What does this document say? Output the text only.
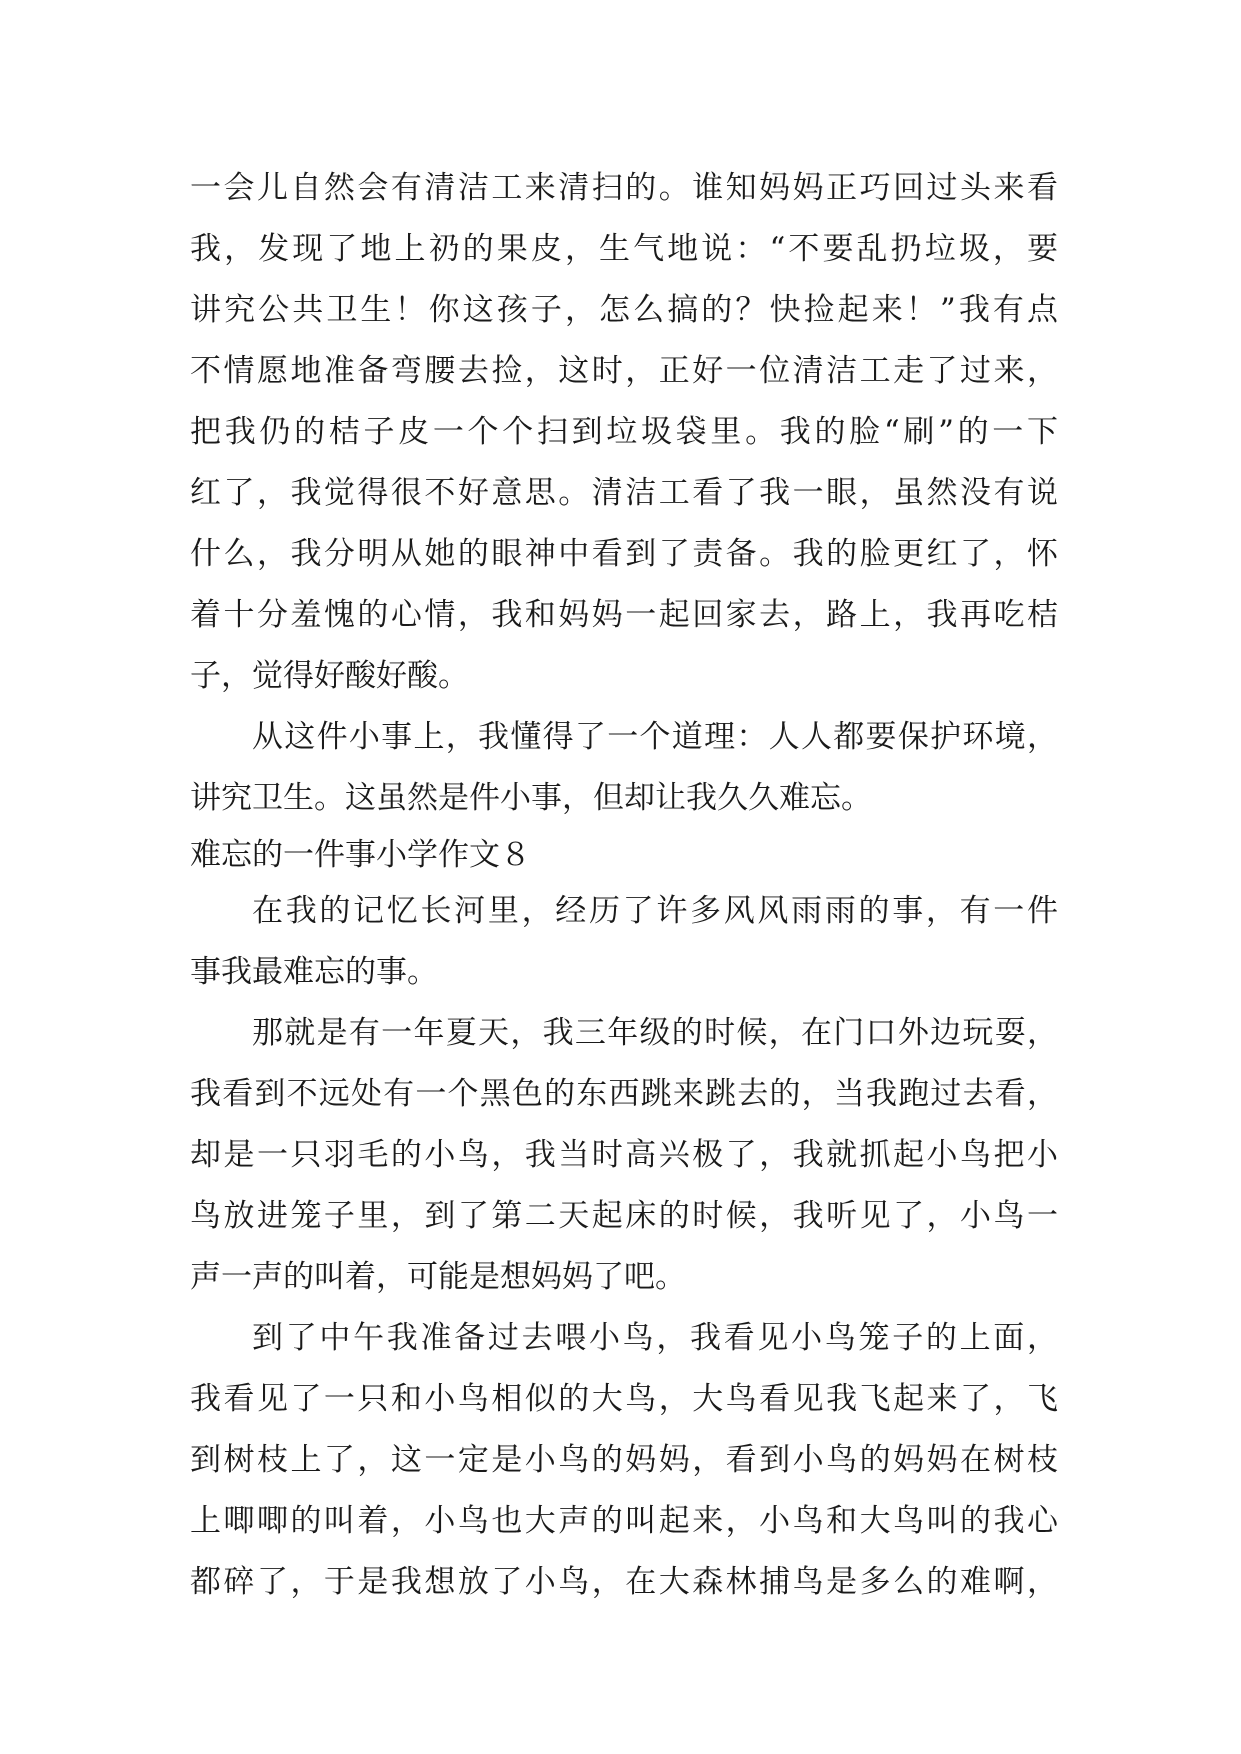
一会儿自然会有清洁工来清扫的。谁知妈妈正巧回过头来看
我，发现了地上礽的果皮，生气地说：“不要乱扔垃圾，要
讲究公共卫生！你这孩子，怎么搞的？快捡起来！”我有点
不情愿地准备弯腰去捡，这时，正好一位清洁工走了过来，
把我仍的桔子皮一个个扫到垃圾袋里。我的脸“刷”的一下
红了，我觉得很不好意思。清洁工看了我一眼，虽然没有说
什么，我分明从她的眼神中看到了责备。我的脸更红了，怀
着十分羞愧的心情，我和妈妈一起回家去，路上，我再吃桔
子，觉得好酸好酸。
从这件小事上，我懂得了一个道理：人人都要保护环境，
讲究卫生。这虽然是件小事，但却让我久久难忘。
难忘的一件事小学作文８
在我的记忆长河里，经历了许多风风雨雨的事，有一件
事我最难忘的事。
那就是有一年夏天，我三年级的时候，在门口外边玩耍，
我看到不远处有一个黑色的东西跳来跳去的，当我跑过去看，
却是一只羽毛的小鸟，我当时高兴极了，我就抓起小鸟把小
鸟放进笼子里，到了第二天起床的时候，我听见了，小鸟一
声一声的叫着，可能是想妈妈了吧。
到了中午我准备过去喂小鸟，我看见小鸟笼子的上面，
我看见了一只和小鸟相似的大鸟，大鸟看见我飞起来了，飞
到树枝上了，这一定是小鸟的妈妈，看到小鸟的妈妈在树枝
上唧唧的叫着，小鸟也大声的叫起来，小鸟和大鸟叫的我心
都碎了，于是我想放了小鸟，在大森林捕鸟是多么的难啊，
